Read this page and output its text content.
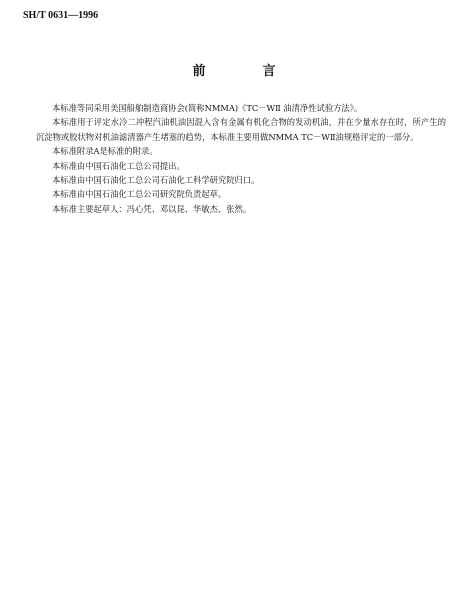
SH/T 0631—1996
前　言

本标准等同采用美国船舶制造商协会(简称NMMA)《TC－WⅡ 油清净性试验方法》。

本标准用于评定水冷二冲程汽油机油因混入含有金属有机化合物的发动机油，并在少量水存在时，所产生的沉淀物或胶状物对机油滤清器产生堵塞的趋势，本标准主要用做NMMA TC－WⅡ油规格评定的一部分。

本标准附录A是标准的附录。

本标准由中国石油化工总公司提出。

本标准由中国石油化工总公司石油化工科学研究院归口。

本标准由中国石油化工总公司研究院负责起草。

本标准主要起草人：冯心凭、邓以昆、华敏杰、张然。
